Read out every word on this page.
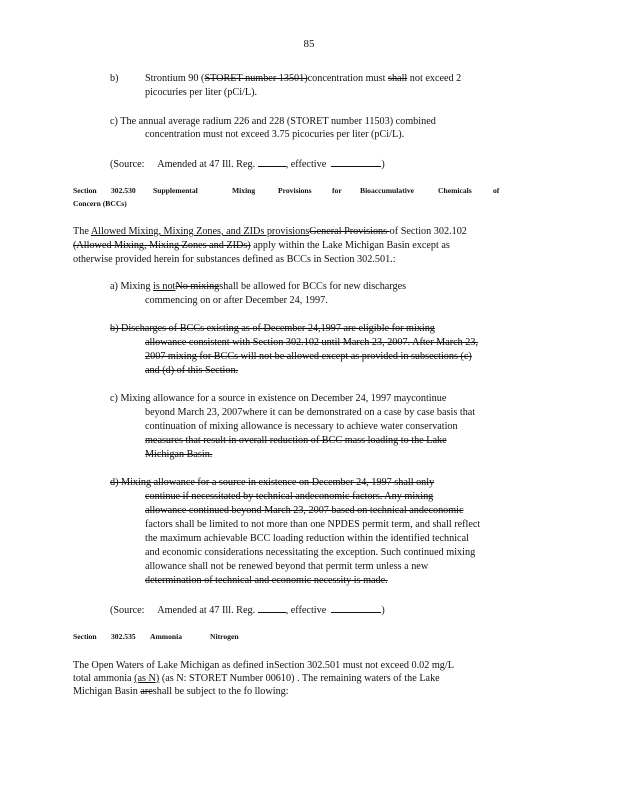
85
b)	Strontium 90 (STORET number 13501)concentration must shall not exceed 2
picocuries per liter (pCi/L).
c) The annual average radium 226 and 228 (STORET number 11503) combined
concentration must not exceed 3.75 picocuries per liter (pCi/L).
(Source: Amended at 47 Ill. Reg.	, effective	)
Section 302.530 Supplemental	Mixing	Provisions	for Bioaccumulative	Chemicals	of
Concern (BCCs)
The Allowed Mixing, Mixing Zones, and ZIDs provisionsGeneral Provisions of Section 302.102
(Allowed Mixing, Mixing Zones and ZIDs) apply within the Lake Michigan Basin except as
otherwise provided herein for substances defined as BCCs in Section 302.501.:
a) Mixing is notNo mixingshall be allowed for BCCs for new discharges
commencing on or after December 24, 1997.
b) Discharges of BCCs existing as of December 24,1997 are eligible for mixing
allowance consistent with Section 302.102 until March 23, 2007. After March 23,
2007 mixing for BCCs will not be allowed except as provided in subsections (c)
and (d) of this Section.
c) Mixing allowance for a source in existence on December 24, 1997 maycontinue
beyond March 23, 2007where it can be demonstrated on a case by case basis that
continuation of mixing allowance is necessary to achieve water conservation
measures that result in overall reduction of BCC mass loading to the Lake
Michigan Basin.
d) Mixing allowance for a source in existence on December 24, 1997 shall only
continue if necessitated by technical andeconomic factors. Any mixing
allowance continued beyond March 23, 2007 based on technical andeconomic
factors shall be limited to not more than one NPDES permit term, and shall reflect
the maximum achievable BCC loading reduction within the identified technical
and economic considerations necessitating the exception. Such continued mixing
allowance shall not be renewed beyond that permit term unless a new
determination of technical and economic necessity is made.
(Source: Amended at 47 Ill. Reg.	, effective	)
Section 302.535 Ammonia	Nitrogen
The Open Waters of Lake Michigan as defined inSection 302.501 must not exceed 0.02 mg/L
total ammonia (as N) (as N: STORET Number 00610) . The remaining waters of the Lake
Michigan Basin areshall be subject to the fo llowing:
